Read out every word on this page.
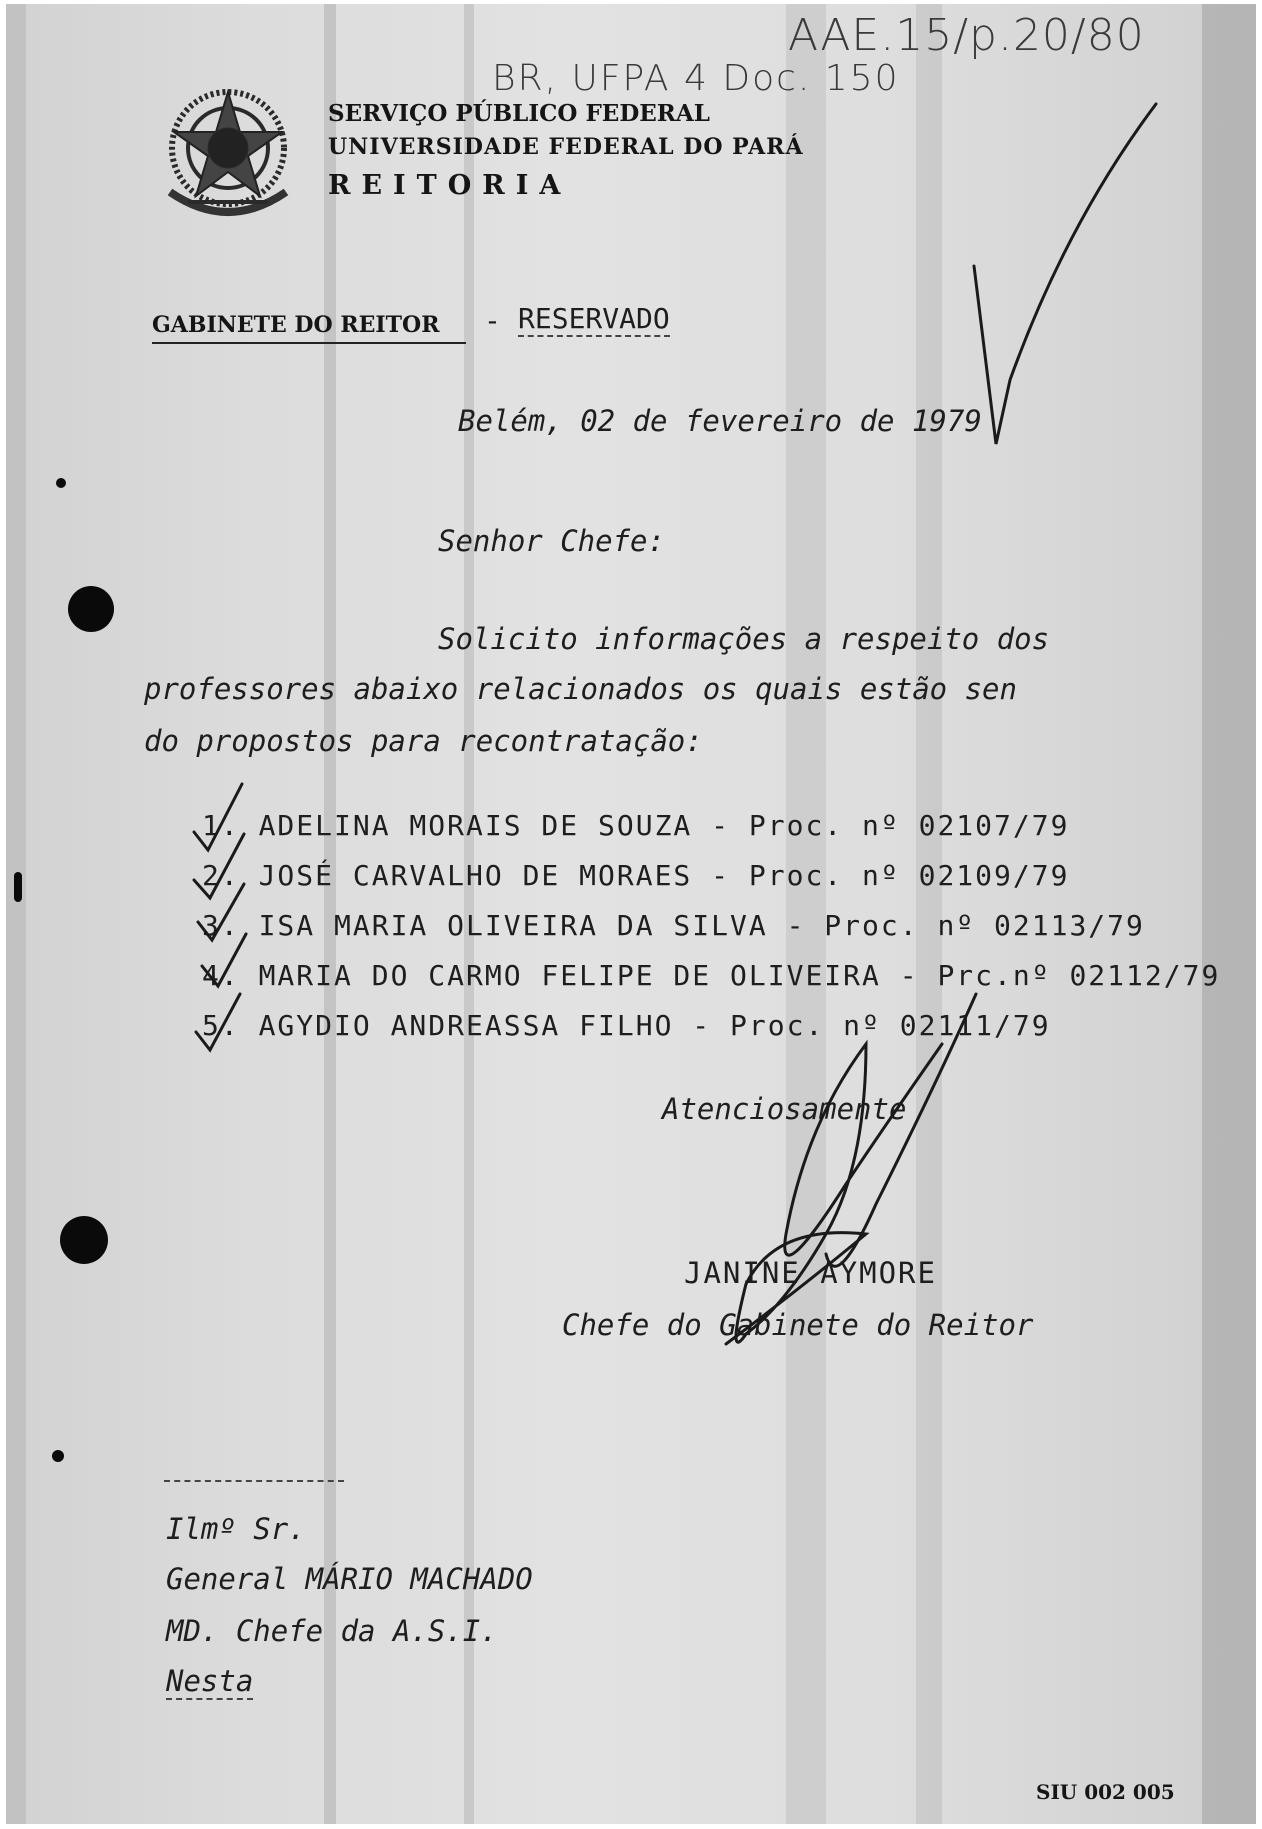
SERVIÇO PÚBLICO FEDERAL
UNIVERSIDADE FEDERAL DO PARÁ
REITORIA
AAE.15/p.20/80
BR, UFPA 4 Doc. 150
GABINETE DO REITOR	- RESERVADO
Belém, 02 de fevereiro de 1979
Senhor Chefe:
Solicito informações a respeito dos
professores abaixo relacionados os quais estão sen
do propostos para recontratação:
1. ADELINA MORAIS DE SOUZA - Proc. nº 02107/79
2. JOSÉ CARVALHO DE MORAES - Proc. nº 02109/79
3. ISA MARIA OLIVEIRA DA SILVA - Proc. nº 02113/79
4. MARIA DO CARMO FELIPE DE OLIVEIRA - Prc.nº 02112/79
5. AGYDIO ANDREASSA FILHO - Proc. nº 02111/79
Atenciosamente
JANINE AYMORE
Chefe do Gabinete do Reitor
Ilmº Sr.
General MÁRIO MACHADO
MD. Chefe da A.S.I.
Nesta
SIU 002 005
